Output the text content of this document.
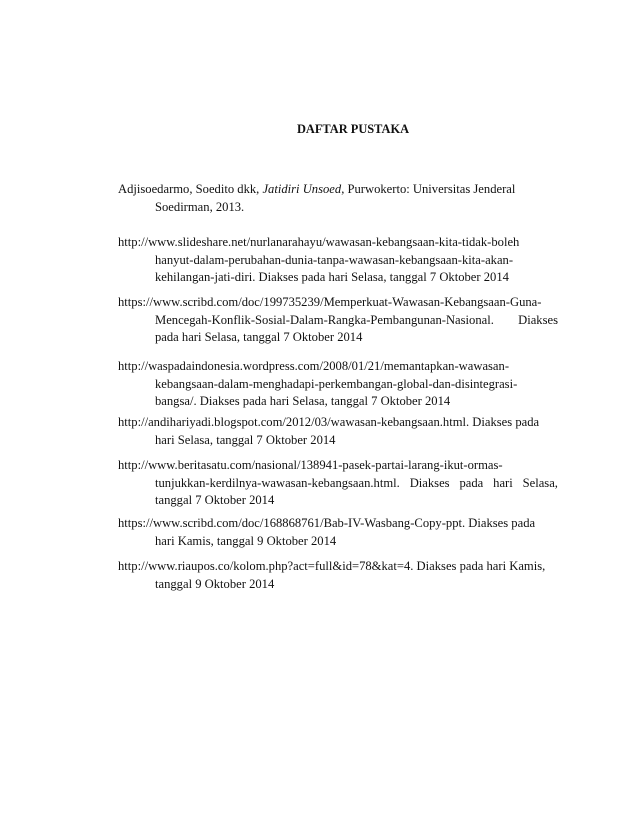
DAFTAR PUSTAKA
Adjisoedarmo, Soedito dkk, Jatidiri Unsoed, Purwokerto: Universitas Jenderal
Soedirman, 2013.
http://www.slideshare.net/nurlanarahayu/wawasan-kebangsaan-kita-tidak-boleh
hanyut-dalam-perubahan-dunia-tanpa-wawasan-kebangsaan-kita-akan-
kehilangan-jati-diri. Diakses pada hari Selasa, tanggal 7 Oktober 2014
https://www.scribd.com/doc/199735239/Memperkuat-Wawasan-Kebangsaan-Guna-
Mencegah-Konflik-Sosial-Dalam-Rangka-Pembangunan-Nasional. Diakses
pada hari Selasa, tanggal 7 Oktober 2014
http://waspadaindonesia.wordpress.com/2008/01/21/memantapkan-wawasan-
kebangsaan-dalam-menghadapi-perkembangan-global-dan-disintegrasi-
bangsa/. Diakses pada hari Selasa, tanggal 7 Oktober 2014
http://andihariyadi.blogspot.com/2012/03/wawasan-kebangsaan.html. Diakses pada
hari Selasa, tanggal 7 Oktober 2014
http://www.beritasatu.com/nasional/138941-pasek-partai-larang-ikut-ormas-
tunjukkan-kerdilnya-wawasan-kebangsaan.html. Diakses pada hari Selasa,
tanggal 7 Oktober 2014
https://www.scribd.com/doc/168868761/Bab-IV-Wasbang-Copy-ppt. Diakses pada
hari Kamis, tanggal 9 Oktober 2014
http://www.riaupos.co/kolom.php?act=full&id=78&kat=4. Diakses pada hari Kamis,
tanggal 9 Oktober 2014
